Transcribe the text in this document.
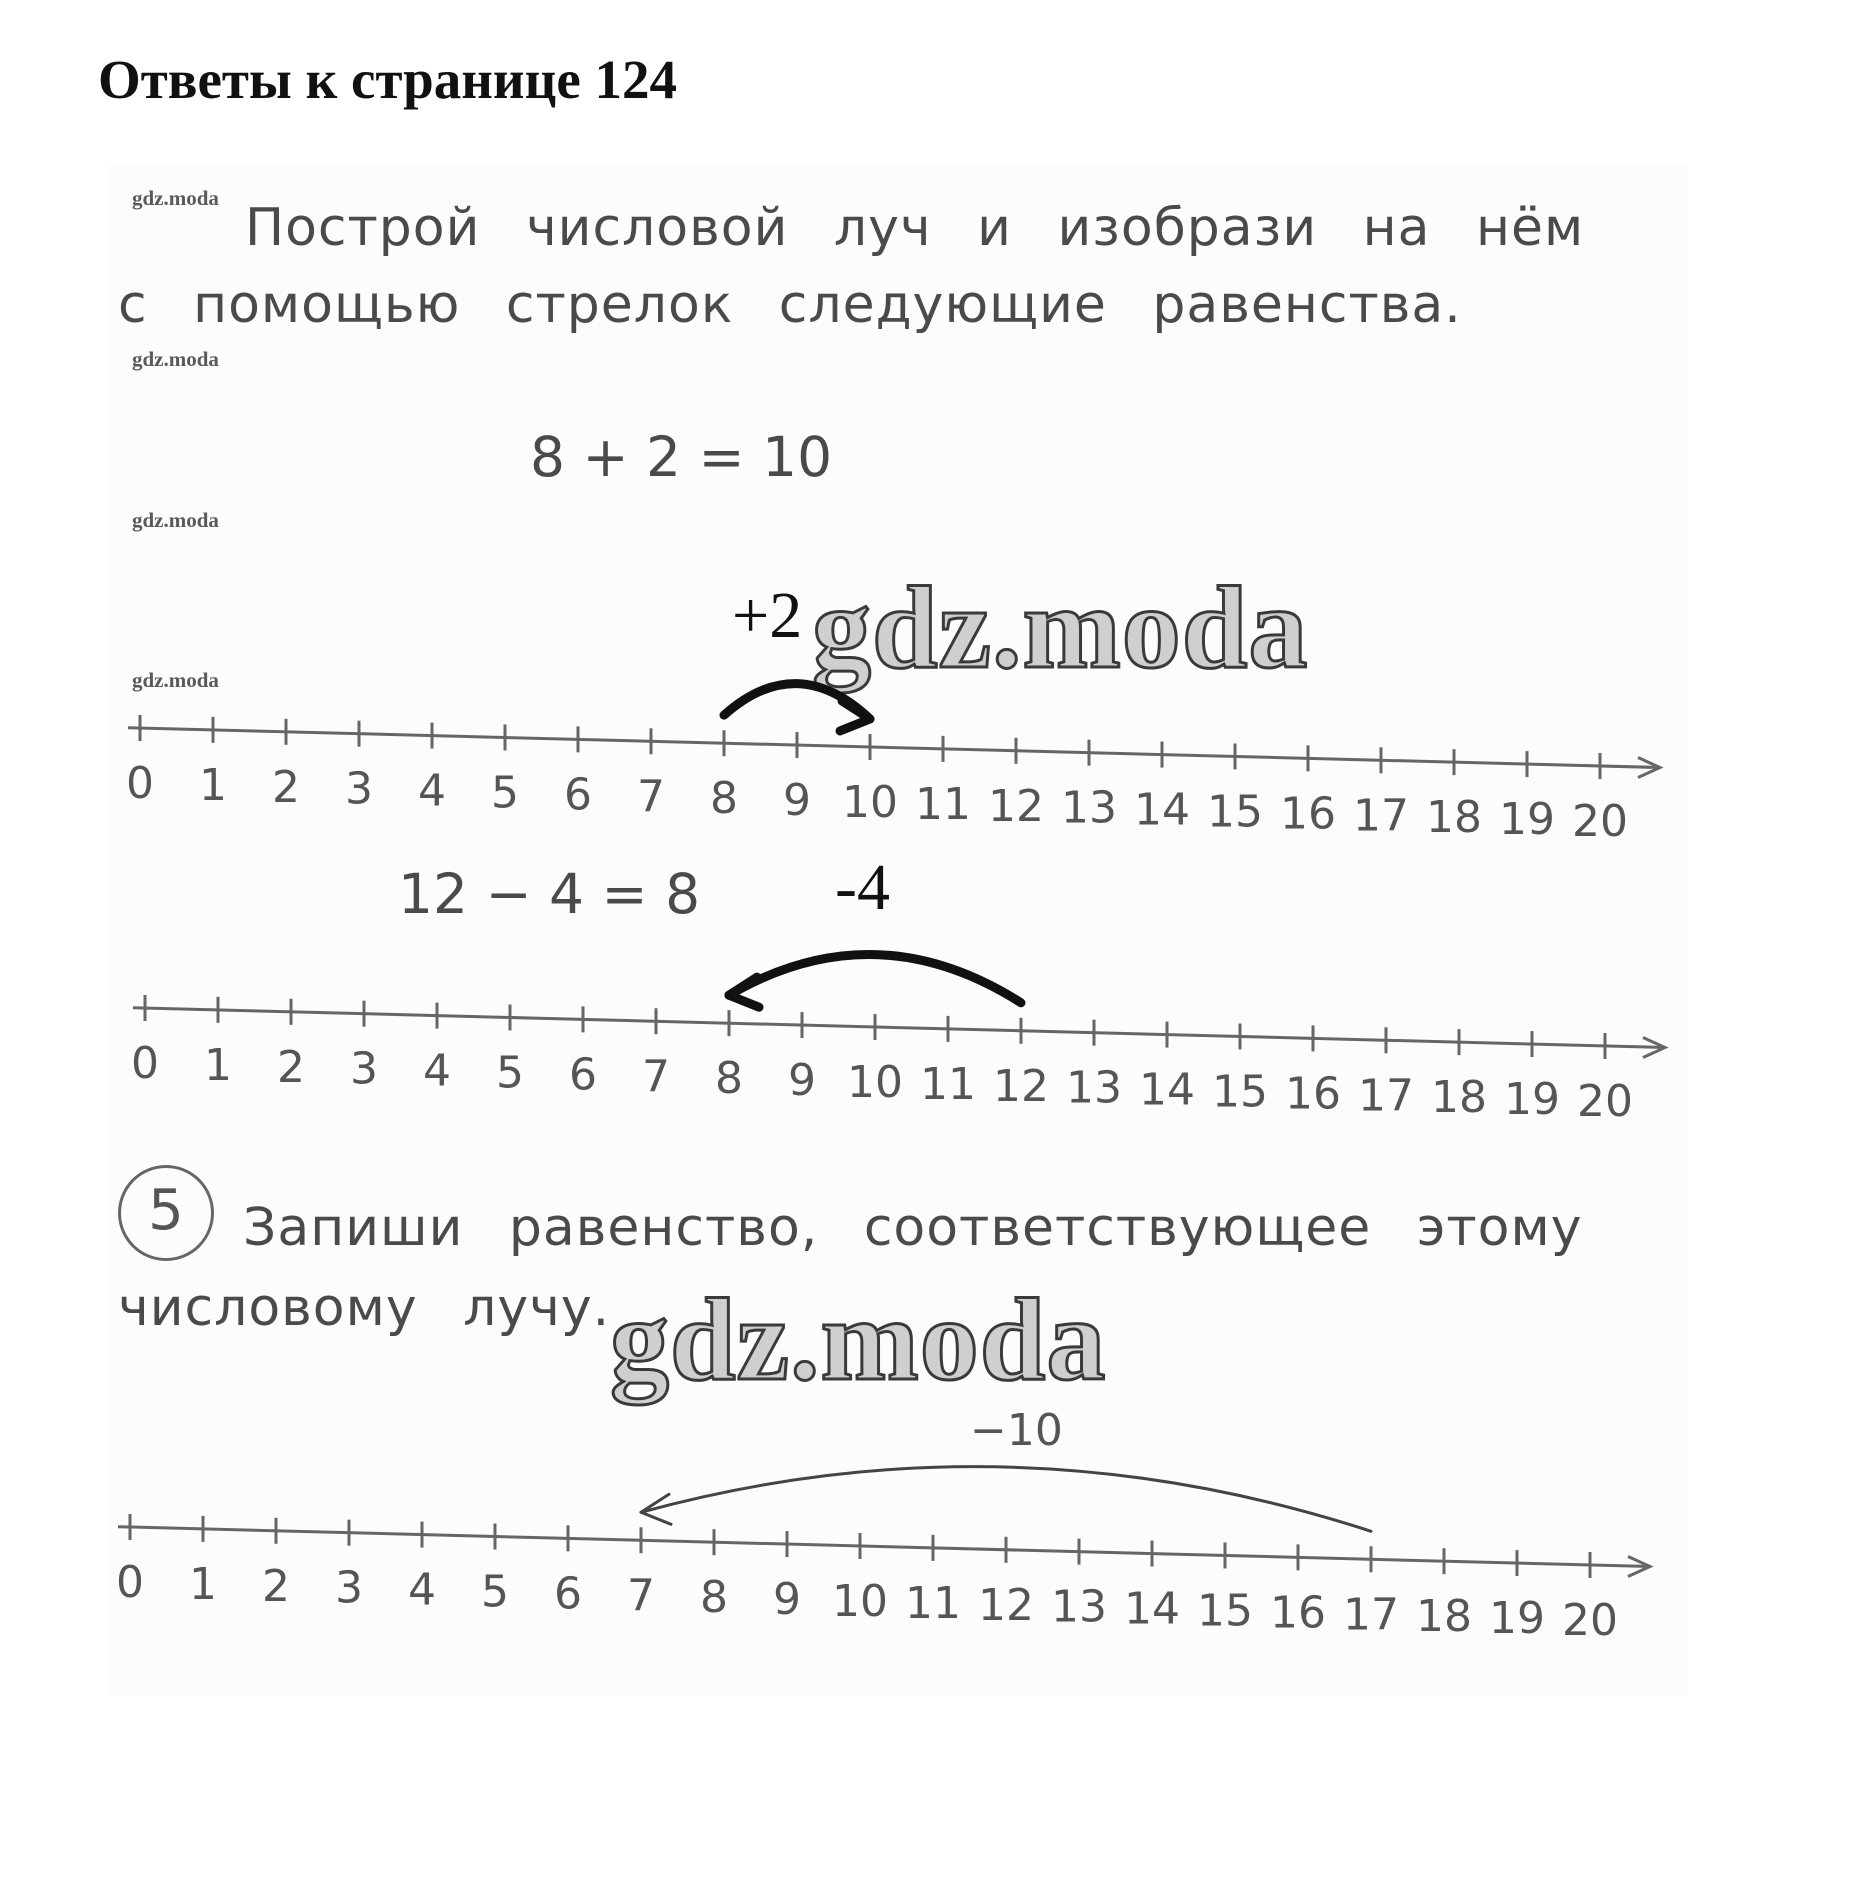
Ответы к странице 124
gdz.moda
gdz.moda
gdz.moda
gdz.moda
Построй числовой луч и изобрази на нём
с помощью стрелок следующие равенства.
8 + 2 = 10
12 − 4 = 8
+2
-4
5	Запиши равенство, соответствующее этому
числовому лучу.
−10
gdz.moda
gdz.moda
0 1 2 3 4 5 6 7 8 9 10 11 12 13 14 15 16 17 18 19 20
0 1 2 3 4 5 6 7 8 9 10 11 12 13 14 15 16 17 18 19 20
0 1 2 3 4 5 6 7 8 9 10 11 12 13 14 15 16 17 18 19 20
